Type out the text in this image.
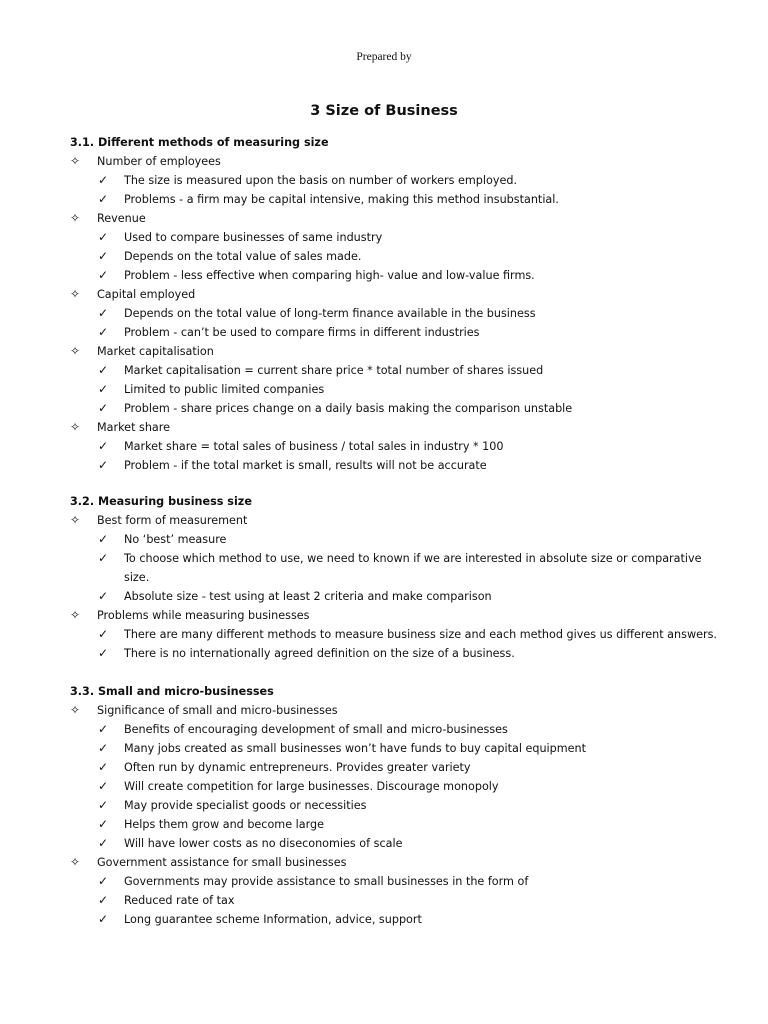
Prepared by
3 Size of Business
3.1. Different methods of measuring size
✧ Number of employees
✓ The size is measured upon the basis on number of workers employed.
✓ Problems - a firm may be capital intensive, making this method insubstantial.
✧ Revenue
✓ Used to compare businesses of same industry
✓ Depends on the total value of sales made.
✓ Problem - less effective when comparing high- value and low-value firms.
✧ Capital employed
✓ Depends on the total value of long-term finance available in the business
✓ Problem - can’t be used to compare firms in different industries
✧ Market capitalisation
✓ Market capitalisation = current share price * total number of shares issued
✓ Limited to public limited companies
✓ Problem - share prices change on a daily basis making the comparison unstable
✧ Market share
✓ Market share = total sales of business / total sales in industry * 100
✓ Problem - if the total market is small, results will not be accurate
3.2. Measuring business size
✧ Best form of measurement
✓ No ‘best’ measure
✓ To choose which method to use, we need to known if we are interested in absolute size or comparative size.
✓ Absolute size - test using at least 2 criteria and make comparison
✧ Problems while measuring businesses
✓ There are many different methods to measure business size and each method gives us different answers.
✓ There is no internationally agreed definition on the size of a business.
3.3. Small and micro-businesses
✧ Significance of small and micro-businesses
✓ Benefits of encouraging development of small and micro-businesses
✓ Many jobs created as small businesses won’t have funds to buy capital equipment
✓ Often run by dynamic entrepreneurs. Provides greater variety
✓ Will create competition for large businesses. Discourage monopoly
✓ May provide specialist goods or necessities
✓ Helps them grow and become large
✓ Will have lower costs as no diseconomies of scale
✧ Government assistance for small businesses
✓ Governments may provide assistance to small businesses in the form of
✓ Reduced rate of tax
✓ Long guarantee scheme Information, advice, support
